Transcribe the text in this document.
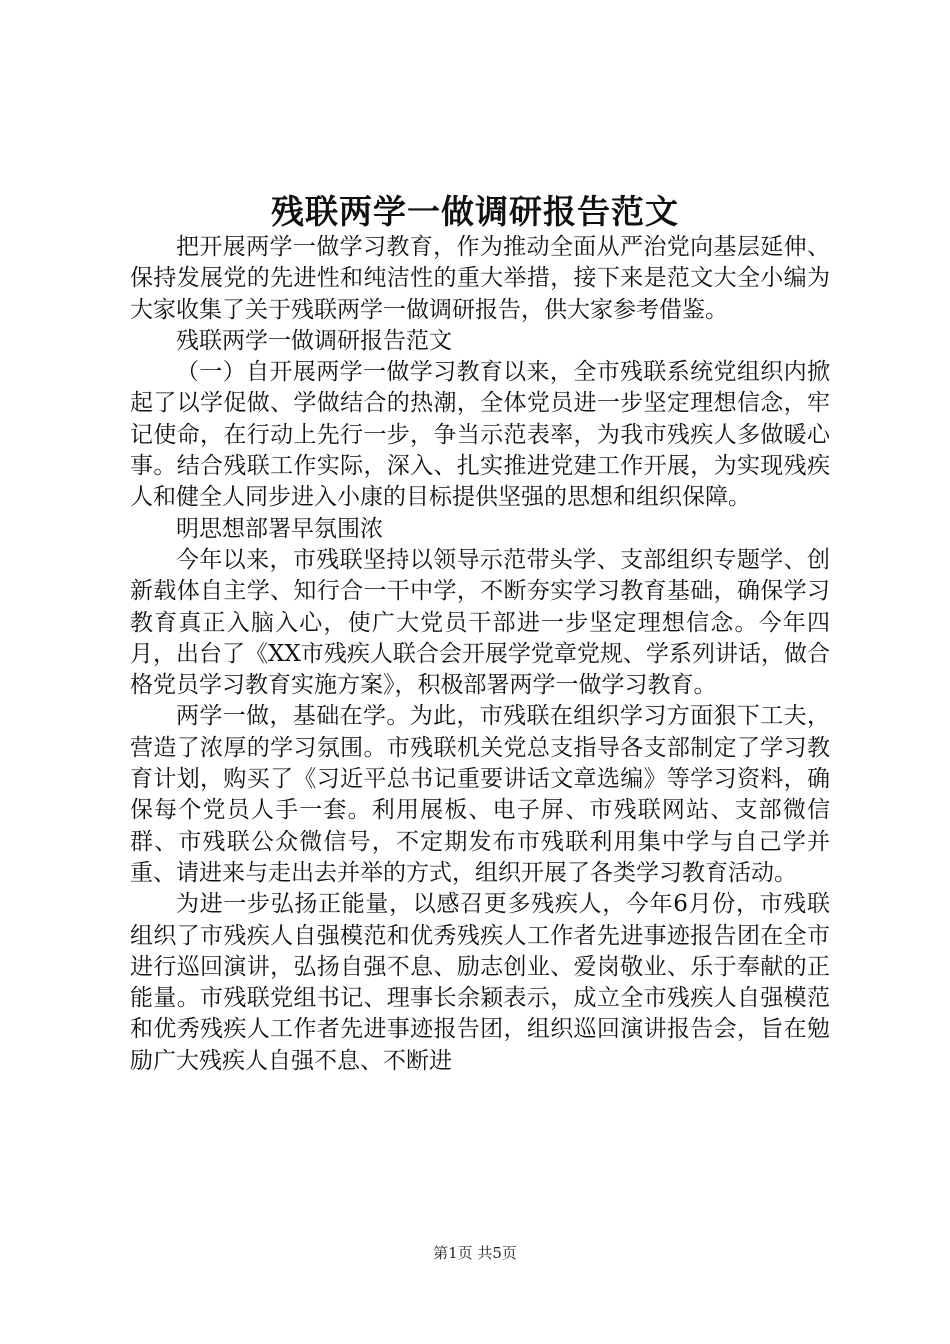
残联两学一做调研报告范文

把开展两学一做学习教育，作为推动全面从严治党向基层延伸、保持发展党的先进性和纯洁性的重大举措，接下来是范文大全小编为大家收集了关于残联两学一做调研报告，供大家参考借鉴。

残联两学一做调研报告范文

（一）自开展两学一做学习教育以来，全市残联系统党组织内掀起了以学促做、学做结合的热潮，全体党员进一步坚定理想信念，牢记使命，在行动上先行一步，争当示范表率，为我市残疾人多做暖心事。结合残联工作实际，深入、扎实推进党建工作开展，为实现残疾人和健全人同步进入小康的目标提供坚强的思想和组织保障。

明思想部署早氛围浓

今年以来，市残联坚持以领导示范带头学、支部组织专题学、创新载体自主学、知行合一干中学，不断夯实学习教育基础，确保学习教育真正入脑入心，使广大党员干部进一步坚定理想信念。今年四月，出台了《XX市残疾人联合会开展学党章党规、学系列讲话，做合格党员学习教育实施方案》，积极部署两学一做学习教育。

两学一做，基础在学。为此，市残联在组织学习方面狠下工夫，营造了浓厚的学习氛围。市残联机关党总支指导各支部制定了学习教育计划，购买了《习近平总书记重要讲话文章选编》等学习资料，确保每个党员人手一套。利用展板、电子屏、市残联网站、支部微信群、市残联公众微信号，不定期发布市残联利用集中学与自己学并重、请进来与走出去并举的方式，组织开展了各类学习教育活动。

为进一步弘扬正能量，以感召更多残疾人，今年6月份，市残联组织了市残疾人自强模范和优秀残疾人工作者先进事迹报告团在全市进行巡回演讲，弘扬自强不息、励志创业、爱岗敬业、乐于奉献的正能量。市残联党组书记、理事长余颖表示，成立全市残疾人自强模范和优秀残疾人工作者先进事迹报告团，组织巡回演讲报告会，旨在勉励广大残疾人自强不息、不断进

第1页 共5页
